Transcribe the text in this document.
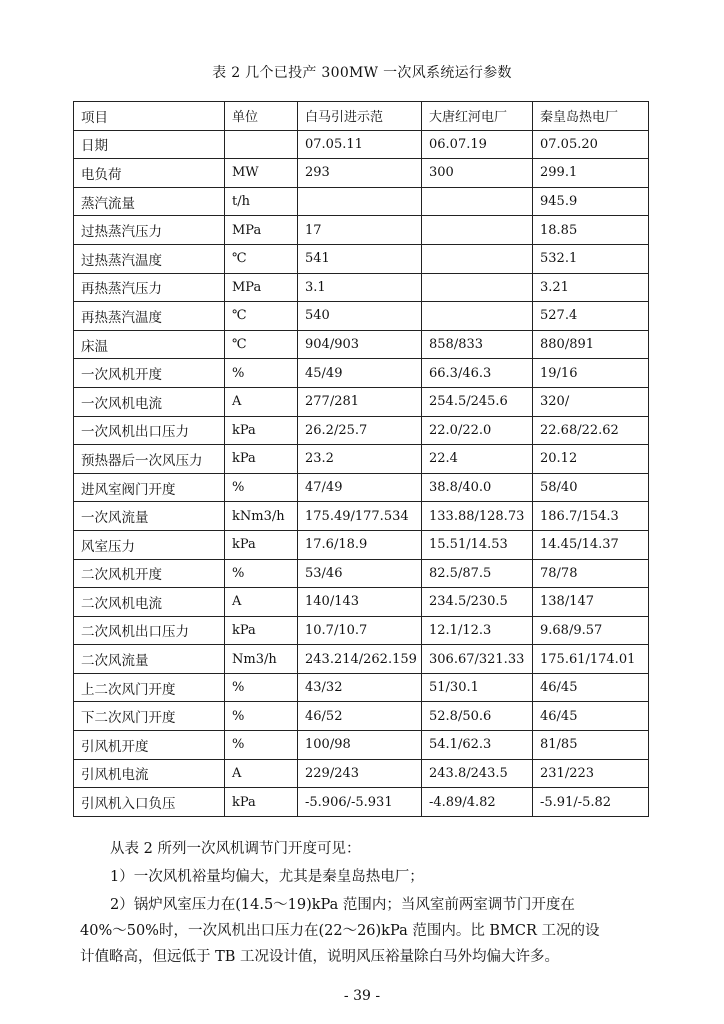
表 2 几个已投产 300MW 一次风系统运行参数
项目	单位	白马引进示范	大唐红河电厂	秦皇岛热电厂
日期		07.05.11	06.07.19	07.05.20
电负荷	MW	293	300	299.1
蒸汽流量	t/h			945.9
过热蒸汽压力	MPa	17		18.85
过热蒸汽温度	℃	541		532.1
再热蒸汽压力	MPa	3.1		3.21
再热蒸汽温度	℃	540		527.4
床温	℃	904/903	858/833	880/891
一次风机开度	%	45/49	66.3/46.3	19/16
一次风机电流	A	277/281	254.5/245.6	320/
一次风机出口压力	kPa	26.2/25.7	22.0/22.0	22.68/22.62
预热器后一次风压力	kPa	23.2	22.4	20.12
进风室阀门开度	%	47/49	38.8/40.0	58/40
一次风流量	kNm3/h	175.49/177.534	133.88/128.73	186.7/154.3
风室压力	kPa	17.6/18.9	15.51/14.53	14.45/14.37
二次风机开度	%	53/46	82.5/87.5	78/78
二次风机电流	A	140/143	234.5/230.5	138/147
二次风机出口压力	kPa	10.7/10.7	12.1/12.3	9.68/9.57
二次风流量	Nm3/h	243.214/262.159	306.67/321.33	175.61/174.01
上二次风门开度	%	43/32	51/30.1	46/45
下二次风门开度	%	46/52	52.8/50.6	46/45
引风机开度	%	100/98	54.1/62.3	81/85
引风机电流	A	229/243	243.8/243.5	231/223
引风机入口负压	kPa	-5.906/-5.931	-4.89/4.82	-5.91/-5.82
从表 2 所列一次风机调节门开度可见：
1）一次风机裕量均偏大，尤其是秦皇岛热电厂；
2）锅炉风室压力在(14.5～19)kPa 范围内；当风室前两室调节门开度在
40%～50%时，一次风机出口压力在(22～26)kPa 范围内。比 BMCR 工况的设
计值略高，但远低于 TB 工况设计值，说明风压裕量除白马外均偏大许多。
- 39 -
